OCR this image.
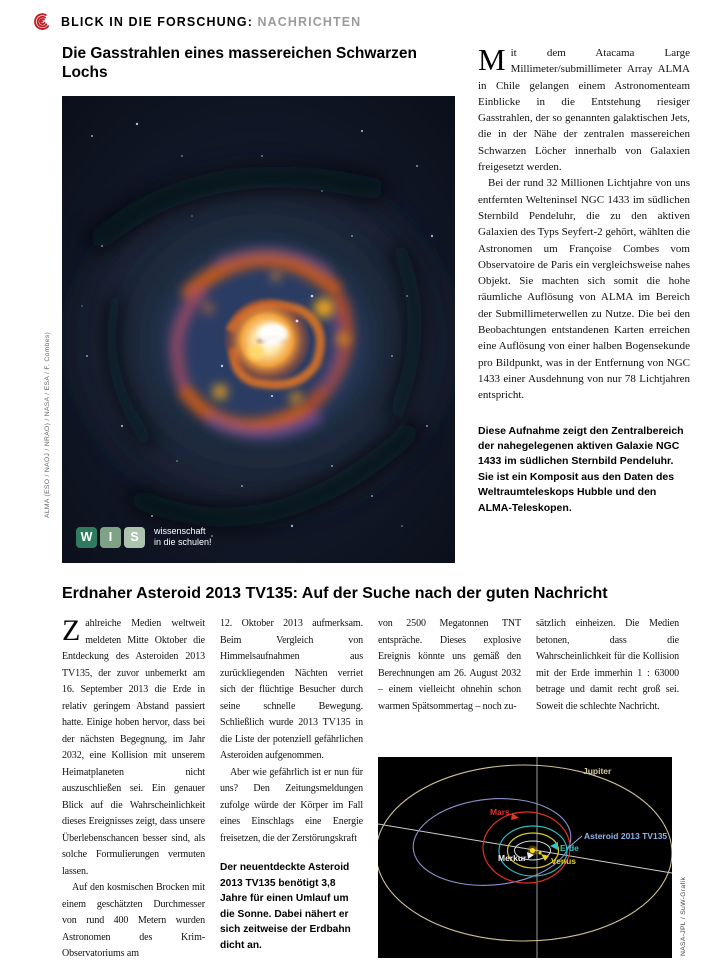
BLICK IN DIE FORSCHUNG: NACHRICHTEN
Die Gasstrahlen eines massereichen Schwarzen Lochs
W	I	S	wissenschaft
in die schulen!

Mit dem Atacama Large Millimeter/submillimeter Array ALMA in Chile gelangen einem Astronomenteam Einblicke in die Entstehung riesiger Gasstrahlen, der so genannten galaktischen Jets, die in der Nähe der zentralen massereichen Schwarzen Löcher innerhalb von Galaxien freigesetzt werden.

Bei der rund 32 Millionen Lichtjahre von uns entfernten Welteninsel NGC 1433 im südlichen Sternbild Pendeluhr, die zu den aktiven Galaxien des Typs Seyfert-2 gehört, wählten die Astronomen um Françoise Combes vom Observatoire de Paris ein vergleichsweise nahes Objekt. Sie machten sich somit die hohe räumliche Auflösung von ALMA im Bereich der Submillimeterwellen zu Nutze. Die bei den Beobachtungen entstandenen Karten erreichen eine Auflösung von einer halben Bogensekunde pro Bildpunkt, was in der Entfernung von NGC 1433 einer Ausdehnung von nur 78 Lichtjahren entspricht.

Diese Aufnahme zeigt den Zentralbereich der nahegelegenen aktiven Galaxie NGC 1433 im südlichen Sternbild Pendeluhr. Sie ist ein Komposit aus den Daten des Weltraumteleskops Hubble und den ALMA-Teleskopen.

ALMA (ESO / NAOJ / NRAO) / NASA / ESA / F. Combes)
Erdnaher Asteroid 2013 TV135: Auf der Suche nach der guten Nachricht

Zahlreiche Medien weltweit meldeten Mitte Oktober die Entdeckung des Asteroiden 2013 TV135, der zuvor unbemerkt am 16. September 2013 die Erde in relativ geringem Abstand passiert hatte. Einige hoben hervor, dass bei der nächsten Begegnung, im Jahr 2032, eine Kollision mit unserem Heimatplaneten nicht auszuschließen sei. Ein genauer Blick auf die Wahrscheinlichkeit dieses Ereignisses zeigt, dass unsere Überlebenschancen besser sind, als solche Formulierungen vermuten lassen.

Auf den kosmischen Brocken mit einem geschätzten Durchmesser von rund 400 Metern wurden Astronomen des Krim-Observatoriums am

12. Oktober 2013 aufmerksam. Beim Vergleich von Himmelsaufnahmen aus zurückliegenden Nächten verriet sich der flüchtige Besucher durch seine schnelle Bewegung. Schließlich wurde 2013 TV135 in die Liste der potenziell gefährlichen Asteroiden aufgenommen.

Aber wie gefährlich ist er nun für uns? Den Zeitungsmeldungen zufolge würde der Körper im Fall eines Einschlags eine Energie freisetzen, die der Zerstörungskraft

Der neuentdeckte Asteroid 2013 TV135 benötigt 3,8 Jahre für einen Umlauf um die Sonne. Dabei nähert er sich zeitweise der Erdbahn dicht an.

von 2500 Megatonnen TNT entspräche. Dieses explosive Ereignis könnte uns gemäß den Berechnungen am 26. August 2032 – einem vielleicht ohnehin schon warmen Spätsommertag – noch zu-

sätzlich einheizen. Die Medien betonen, dass die Wahrscheinlichkeit für die Kollision mit der Erde immerhin 1 : 63000 betrage und damit recht groß sei. Soweit die schlechte Nachricht.

Jupiter
Mars
Asteroid 2013 TV135
Erde
Venus
Merkur
NASA-JPL / SuW-Grafik
